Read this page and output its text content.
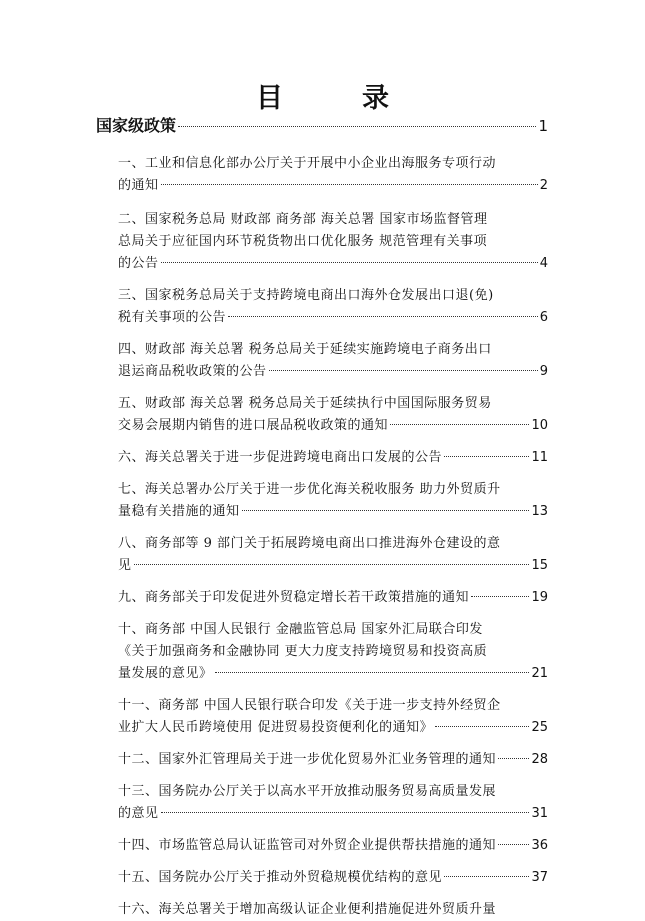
目　录
国家级政策	1
一、工业和信息化部办公厅关于开展中小企业出海服务专项行动
的通知	2
二、国家税务总局 财政部 商务部 海关总署 国家市场监督管理
总局关于应征国内环节税货物出口优化服务 规范管理有关事项
的公告	4
三、国家税务总局关于支持跨境电商出口海外仓发展出口退(免)
税有关事项的公告	6
四、财政部 海关总署 税务总局关于延续实施跨境电子商务出口
退运商品税收政策的公告	9
五、财政部 海关总署 税务总局关于延续执行中国国际服务贸易
交易会展期内销售的进口展品税收政策的通知	10
六、海关总署关于进一步促进跨境电商出口发展的公告	11
七、海关总署办公厅关于进一步优化海关税收服务 助力外贸质升
量稳有关措施的通知	13
八、商务部等 9 部门关于拓展跨境电商出口推进海外仓建设的意
见	15
九、商务部关于印发促进外贸稳定增长若干政策措施的通知	19
十、商务部 中国人民银行 金融监管总局 国家外汇局联合印发
《关于加强商务和金融协同 更大力度支持跨境贸易和投资高质
量发展的意见》	21
十一、商务部 中国人民银行联合印发《关于进一步支持外经贸企
业扩大人民币跨境使用 促进贸易投资便利化的通知》	25
十二、国家外汇管理局关于进一步优化贸易外汇业务管理的通知	28
十三、国务院办公厅关于以高水平开放推动服务贸易高质量发展
的意见	31
十四、市场监管总局认证监管司对外贸企业提供帮扶措施的通知	36
十五、国务院办公厅关于推动外贸稳规模优结构的意见	37
十六、海关总署关于增加高级认证企业便利措施促进外贸质升量
